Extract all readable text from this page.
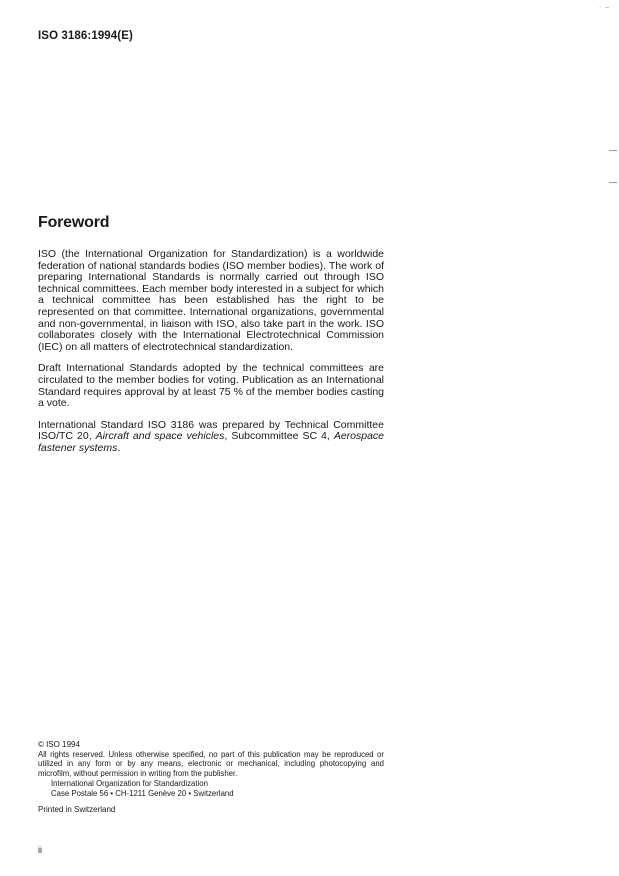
ISO 3186:1994(E)
·  –
Foreword

ISO (the International Organization for Standardization) is a worldwide federation of national standards bodies (ISO member bodies). The work of preparing International Standards is normally carried out through ISO technical committees. Each member body interested in a subject for which a technical committee has been established has the right to be represented on that committee. International organizations, governmental and non-governmental, in liaison with ISO, also take part in the work. ISO collaborates closely with the International Electrotechnical Commission (IEC) on all matters of electrotechnical standardization.

Draft International Standards adopted by the technical committees are circulated to the member bodies for voting. Publication as an International Standard requires approval by at least 75 % of the member bodies casting a vote.

International Standard ISO 3186 was prepared by Technical Committee ISO/TC 20, Aircraft and space vehicles, Subcommittee SC 4, Aerospace fastener systems.

© ISO 1994
All rights reserved. Unless otherwise specified, no part of this publication may be reproduced or utilized in any form or by any means, electronic or mechanical, including photocopying and microfilm, without permission in writing from the publisher.
International Organization for Standardization
Case Postale 56 • CH-1211 Genève 20 • Switzerland
Printed in Switzerland
ii
